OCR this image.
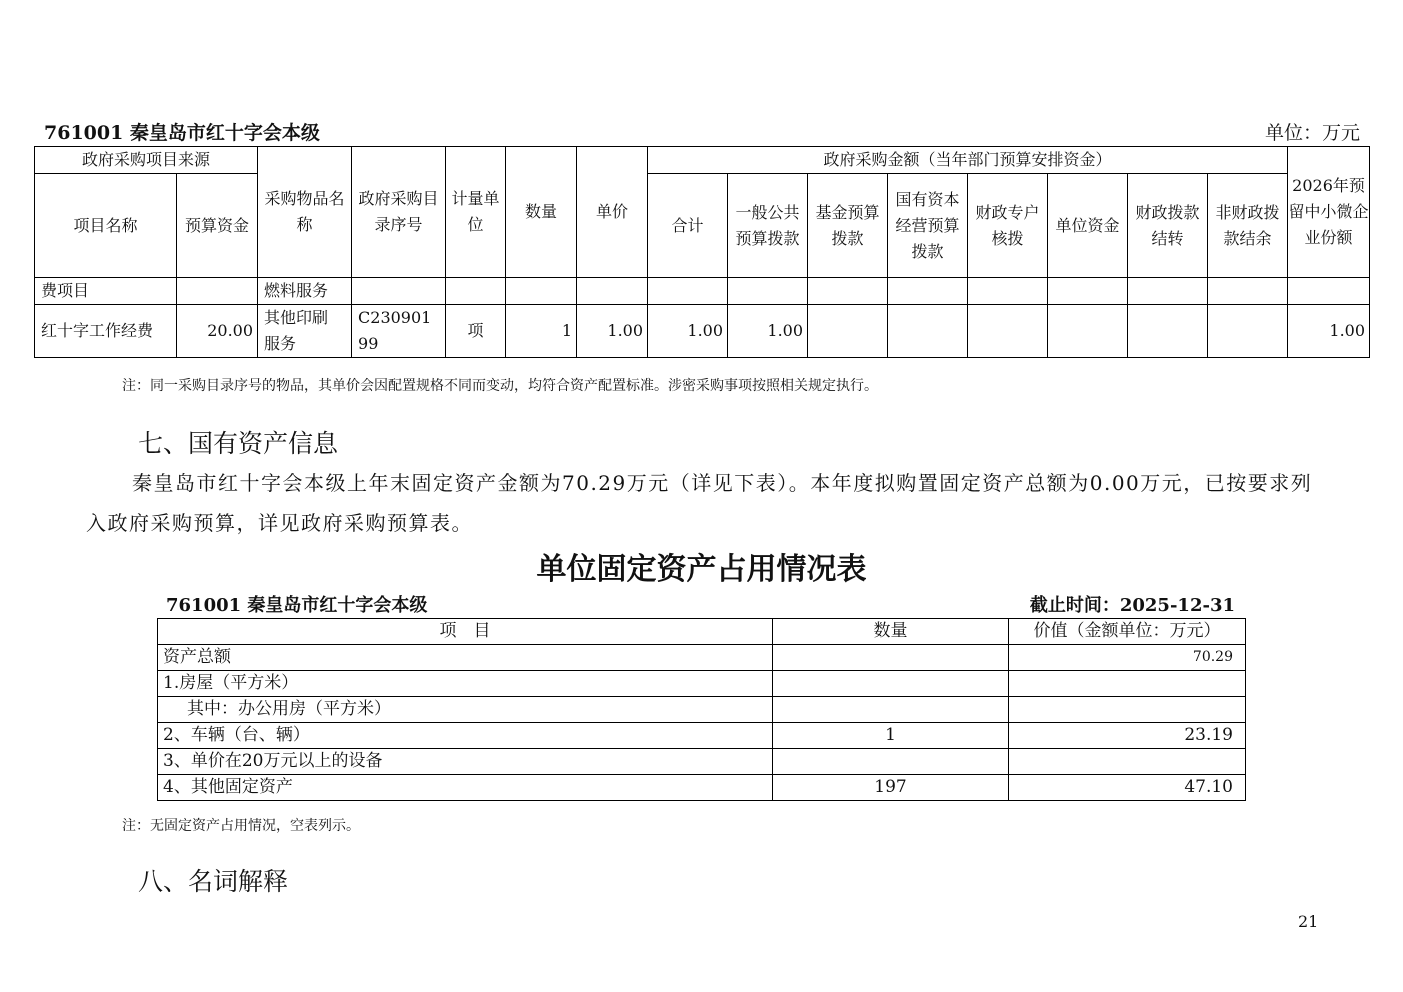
761001 秦皇岛市红十字会本级	单位：万元
政府采购项目来源		采购物品名称	政府采购目录序号	计量单位	数量	单价	政府采购金额（当年部门预算安排资金）								2026年预留中小微企业份额
项目名称	预算资金						合计	一般公共预算拨款	基金预算拨款	国有资本经营预算拨款	财政专户核拨	单位资金	财政拨款结转	非财政拨款结余	
费项目		燃料服务													
红十字工作经费	20.00	其他印刷服务	C23090199	项	1	1.00	1.00	1.00							1.00
注：同一采购目录序号的物品，其单价会因配置规格不同而变动，均符合资产配置标准。涉密采购事项按照相关规定执行。
七、国有资产信息
秦皇岛市红十字会本级上年末固定资产金额为70.29万元（详见下表）。本年度拟购置固定资产总额为0.00万元，已按要求列入政府采购预算，详见政府采购预算表。
单位固定资产占用情况表
761001 秦皇岛市红十字会本级	截止时间：2025-12-31
项　目	数量	价值（金额单位：万元）
资产总额		70.29
1.房屋（平方米）		
　其中：办公用房（平方米）		
2、车辆（台、辆）	1	23.19
3、单价在20万元以上的设备		
4、其他固定资产	197	47.10
注：无固定资产占用情况，空表列示。
八、名词解释
21
